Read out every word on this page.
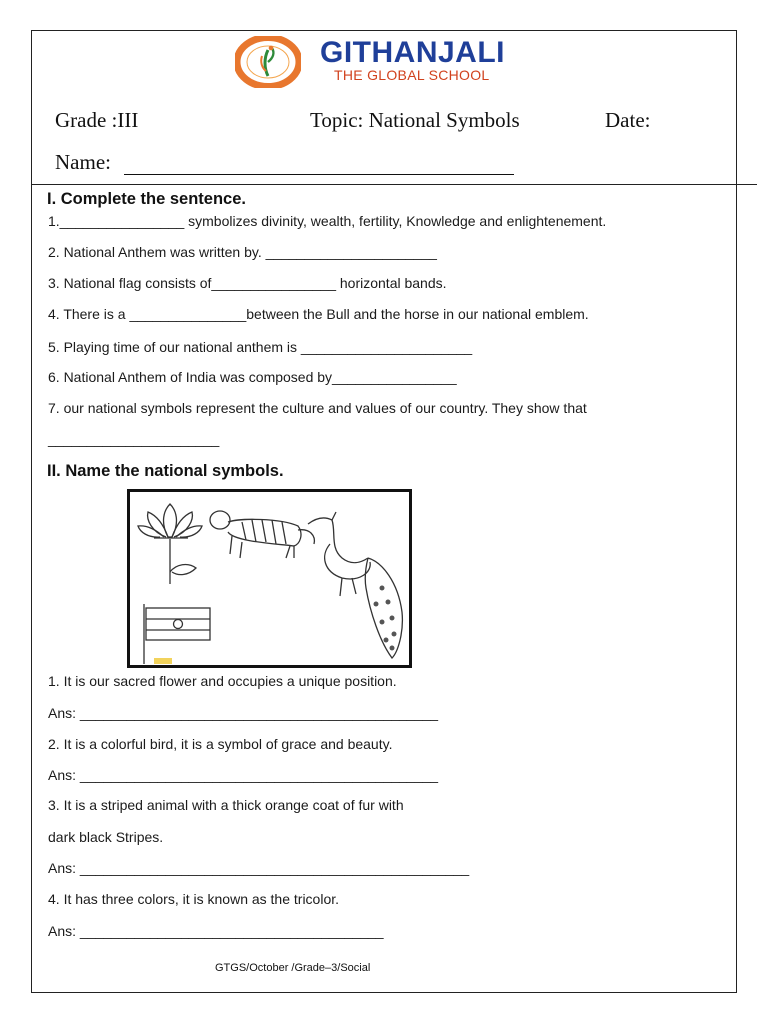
GITHANJALI
THE GLOBAL SCHOOL
Grade :III	Topic: National Symbols	Date:
Name:
I. Complete the sentence.
1.________________ symbolizes divinity, wealth, fertility, Knowledge and enlightenement.
2. National Anthem was written by. ______________________
3. National flag consists of________________ horizontal bands.
4. There is a _______________between the Bull and the horse in our national emblem.
5. Playing time of our national anthem is ______________________
6. National Anthem of India was composed by________________
7. our national symbols represent the culture and values of our country. They show that
______________________
II. Name the national symbols.
1. It is our sacred flower and occupies a unique position.
Ans: ______________________________________________
2. It is a colorful bird, it is a symbol of grace and beauty.
Ans: ______________________________________________
3. It is a striped animal with a thick orange coat of fur with
dark black Stripes.
Ans: __________________________________________________
4. It has three colors, it is known as the tricolor.
Ans: _______________________________________
GTGS/October /Grade–3/Social
